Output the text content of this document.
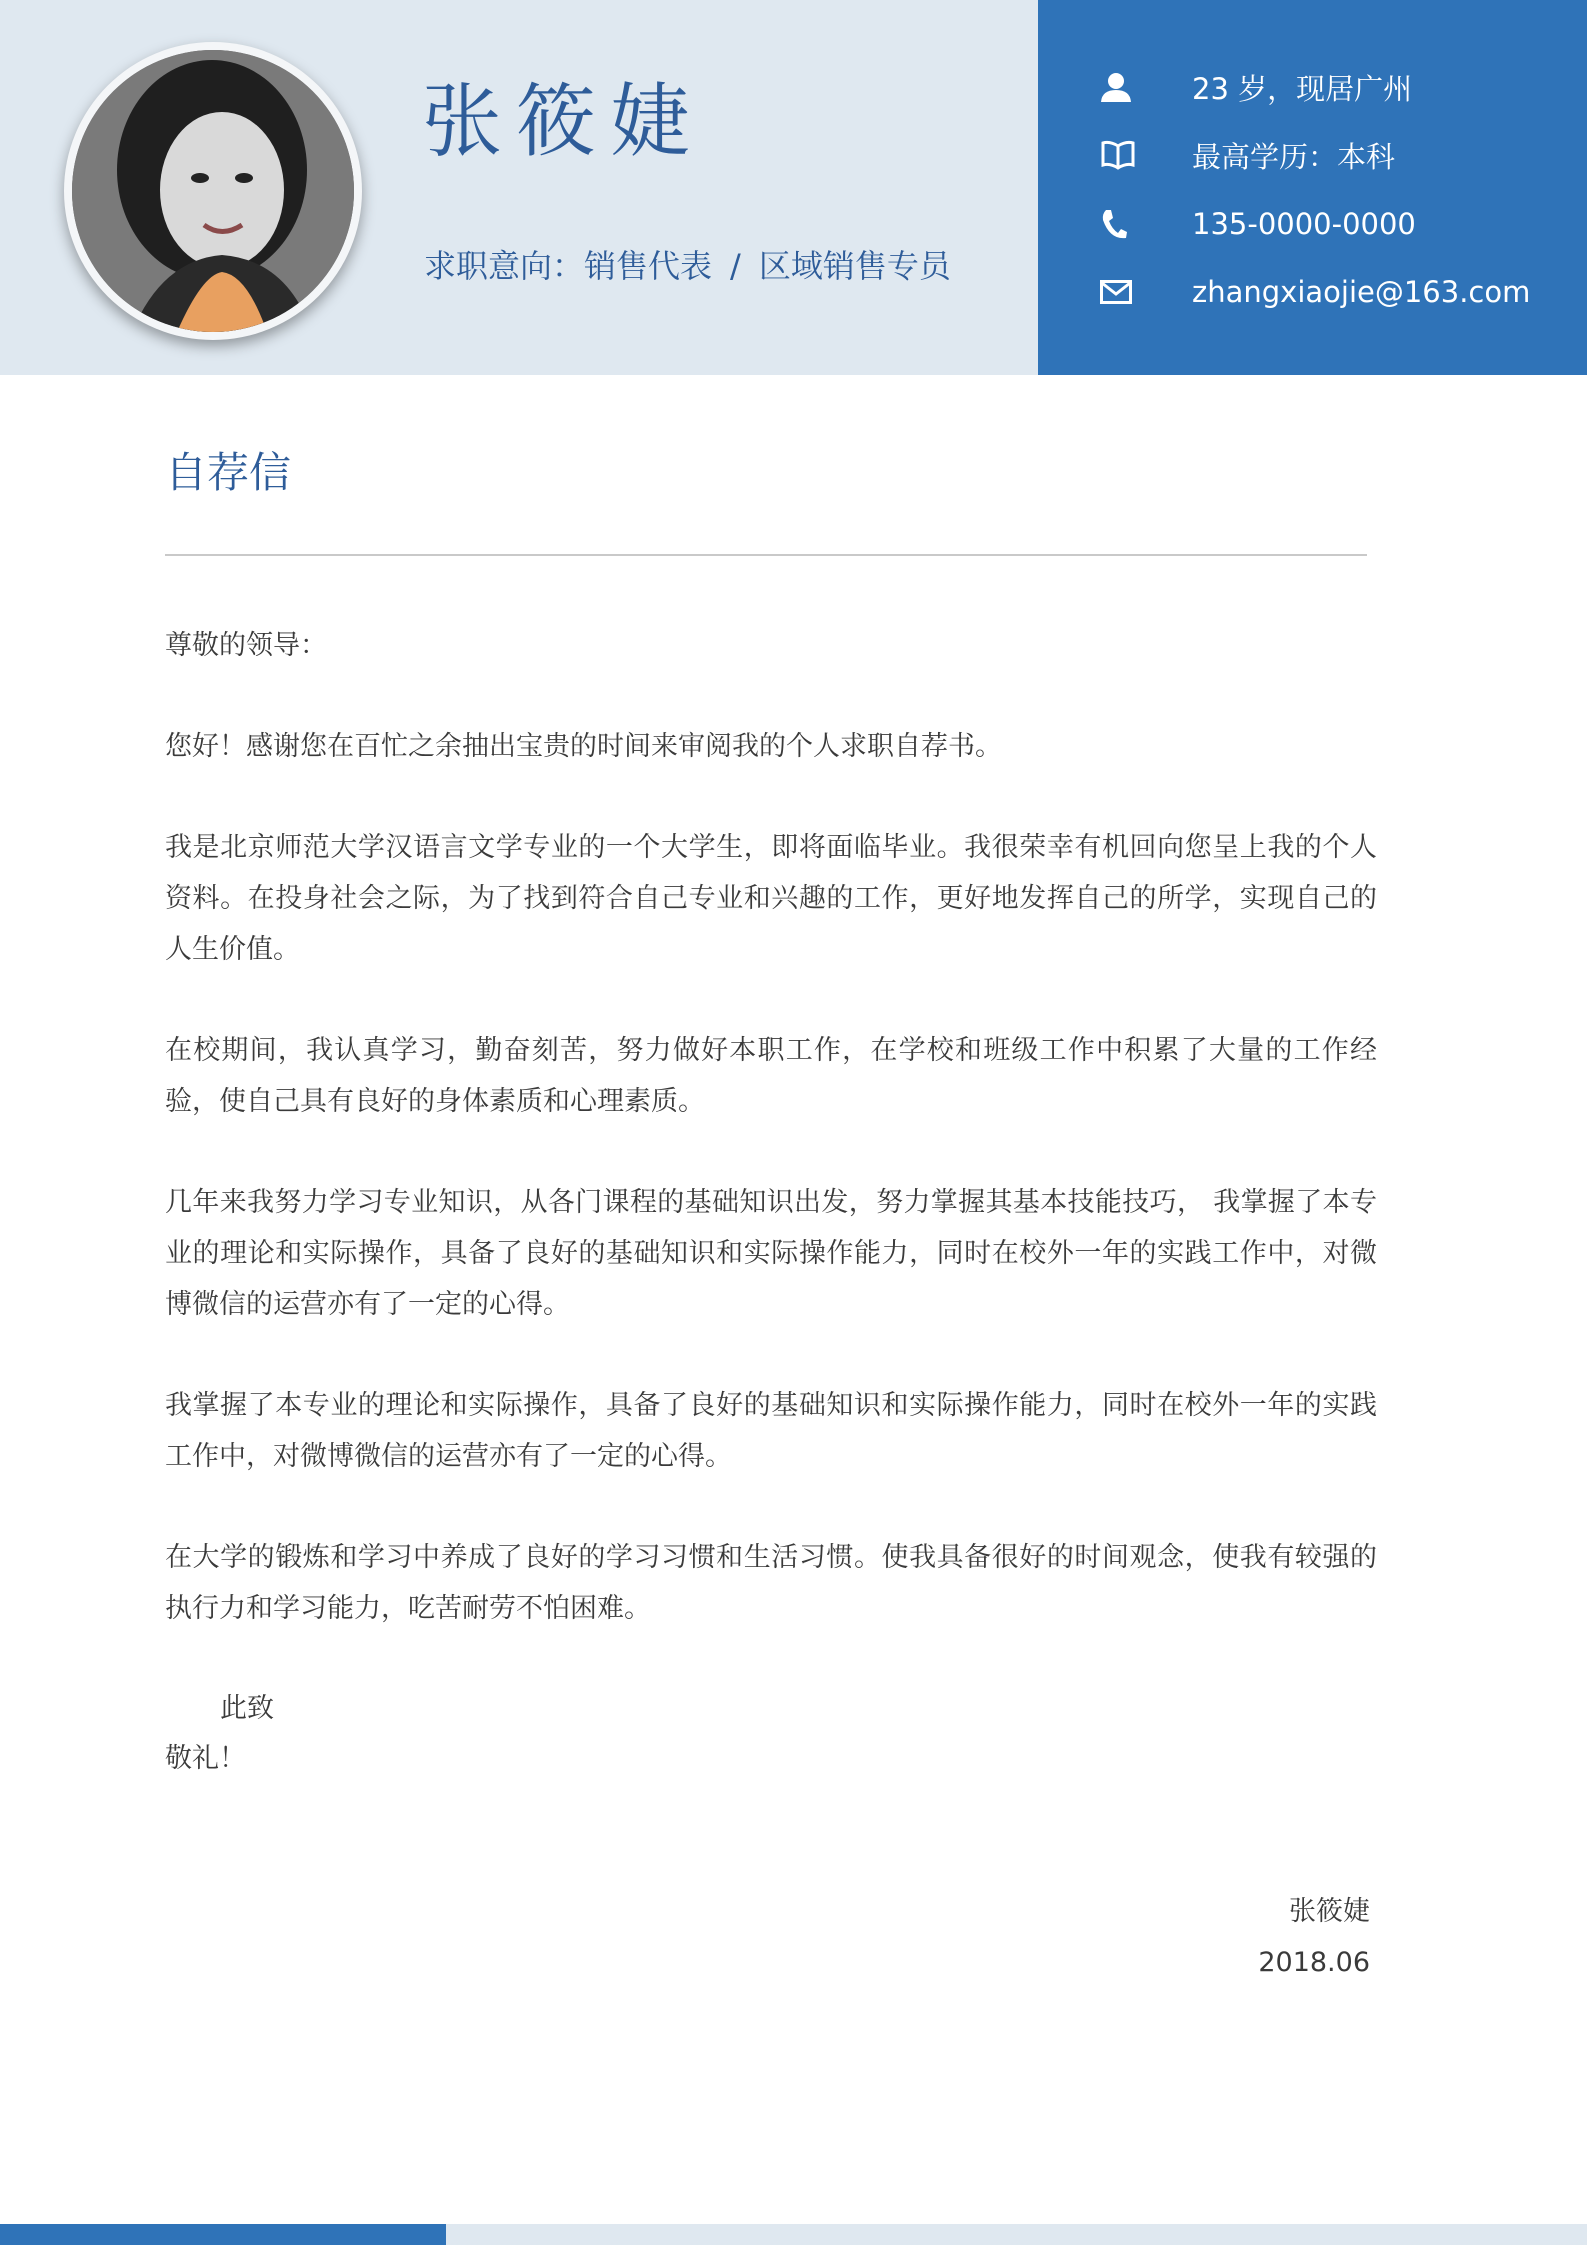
张筱婕
求职意向：销售代表 / 区域销售专员
23 岁，现居广州
最高学历：本科
135-0000-0000
zhangxiaojie@163.com
自荐信

尊敬的领导：

您好！感谢您在百忙之余抽出宝贵的时间来审阅我的个人求职自荐书。

我是北京师范大学汉语言文学专业的一个大学生，即将面临毕业。我很荣幸有机回向您呈上我的个人资料。在投身社会之际，为了找到符合自己专业和兴趣的工作，更好地发挥自己的所学，实现自己的人生价值。

在校期间，我认真学习，勤奋刻苦，努力做好本职工作，在学校和班级工作中积累了大量的工作经验，使自己具有良好的身体素质和心理素质。

几年来我努力学习专业知识，从各门课程的基础知识出发，努力掌握其基本技能技巧， 我掌握了本专业的理论和实际操作，具备了良好的基础知识和实际操作能力，同时在校外一年的实践工作中，对微博微信的运营亦有了一定的心得。

我掌握了本专业的理论和实际操作，具备了良好的基础知识和实际操作能力，同时在校外一年的实践工作中，对微博微信的运营亦有了一定的心得。

在大学的锻炼和学习中养成了良好的学习习惯和生活习惯。使我具备很好的时间观念，使我有较强的执行力和学习能力，吃苦耐劳不怕困难。

此致
敬礼！
张筱婕
2018.06
